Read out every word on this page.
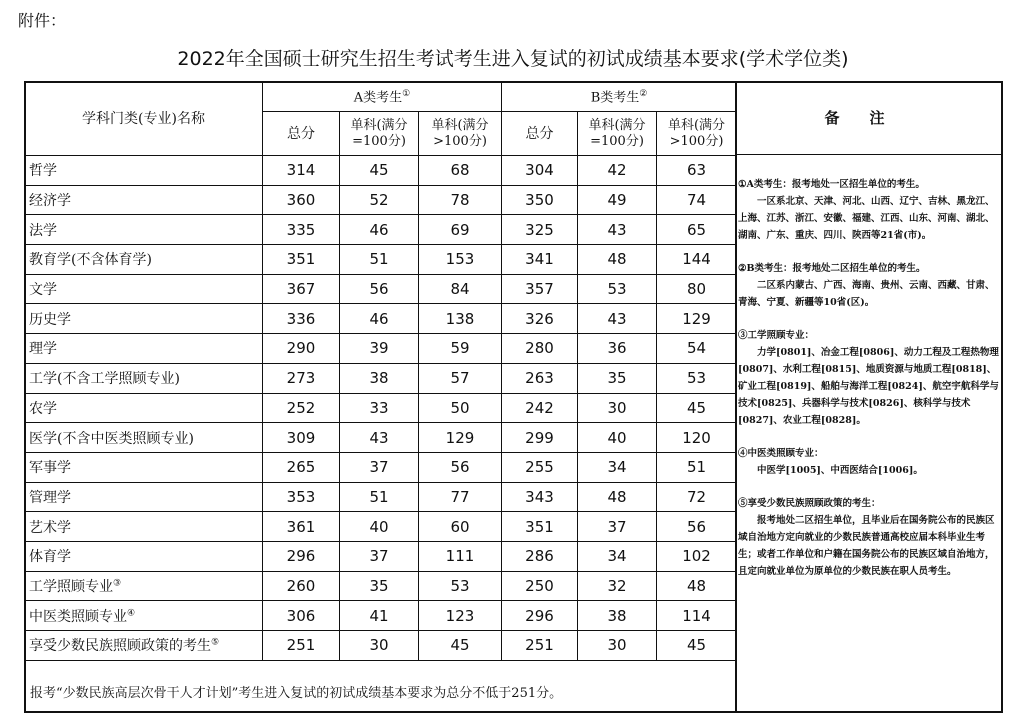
附件：
2022年全国硕士研究生招生考试考生进入复试的初试成绩基本要求(学术学位类)
学科门类(专业)名称	A类考生①			B类考生②
	总分	单科(满分=100分)	单科(满分>100分)	总分	单科(满分=100分)	单科(满分>100分)
哲学	314	45	68	304	42	63
经济学	360	52	78	350	49	74
法学	335	46	69	325	43	65
教育学(不含体育学)	351	51	153	341	48	144
文学	367	56	84	357	53	80
历史学	336	46	138	326	43	129
理学	290	39	59	280	36	54
工学(不含工学照顾专业)	273	38	57	263	35	53
农学	252	33	50	242	30	45
医学(不含中医类照顾专业)	309	43	129	299	40	120
军事学	265	37	56	255	34	51
管理学	353	51	77	343	48	72
艺术学	361	40	60	351	37	56
体育学	296	37	111	286	34	102
工学照顾专业③	260	35	53	250	32	48
中医类照顾专业④	306	41	123	296	38	114
享受少数民族照顾政策的考生⑤	251	30	45	251	30	45

报考“少数民族高层次骨干人才计划”考生进入复试的初试成绩基本要求为总分不低于251分。
备注

①A类考生：报考地处一区招生单位的考生。

一区系北京、天津、河北、山西、辽宁、吉林、黑龙江、上海、江苏、浙江、安徽、福建、江西、山东、河南、湖北、湖南、广东、重庆、四川、陕西等21省(市)。

②B类考生：报考地处二区招生单位的考生。

二区系内蒙古、广西、海南、贵州、云南、西藏、甘肃、青海、宁夏、新疆等10省(区)。

③工学照顾专业：

力学[0801]、冶金工程[0806]、动力工程及工程热物理[0807]、水利工程[0815]、地质资源与地质工程[0818]、矿业工程[0819]、船舶与海洋工程[0824]、航空宇航科学与技术[0825]、兵器科学与技术[0826]、核科学与技术[0827]、农业工程[0828]。

④中医类照顾专业：

中医学[1005]、中西医结合[1006]。

⑤享受少数民族照顾政策的考生：

报考地处二区招生单位，且毕业后在国务院公布的民族区域自治地方定向就业的少数民族普通高校应届本科毕业生考生；或者工作单位和户籍在国务院公布的民族区域自治地方，且定向就业单位为原单位的少数民族在职人员考生。
